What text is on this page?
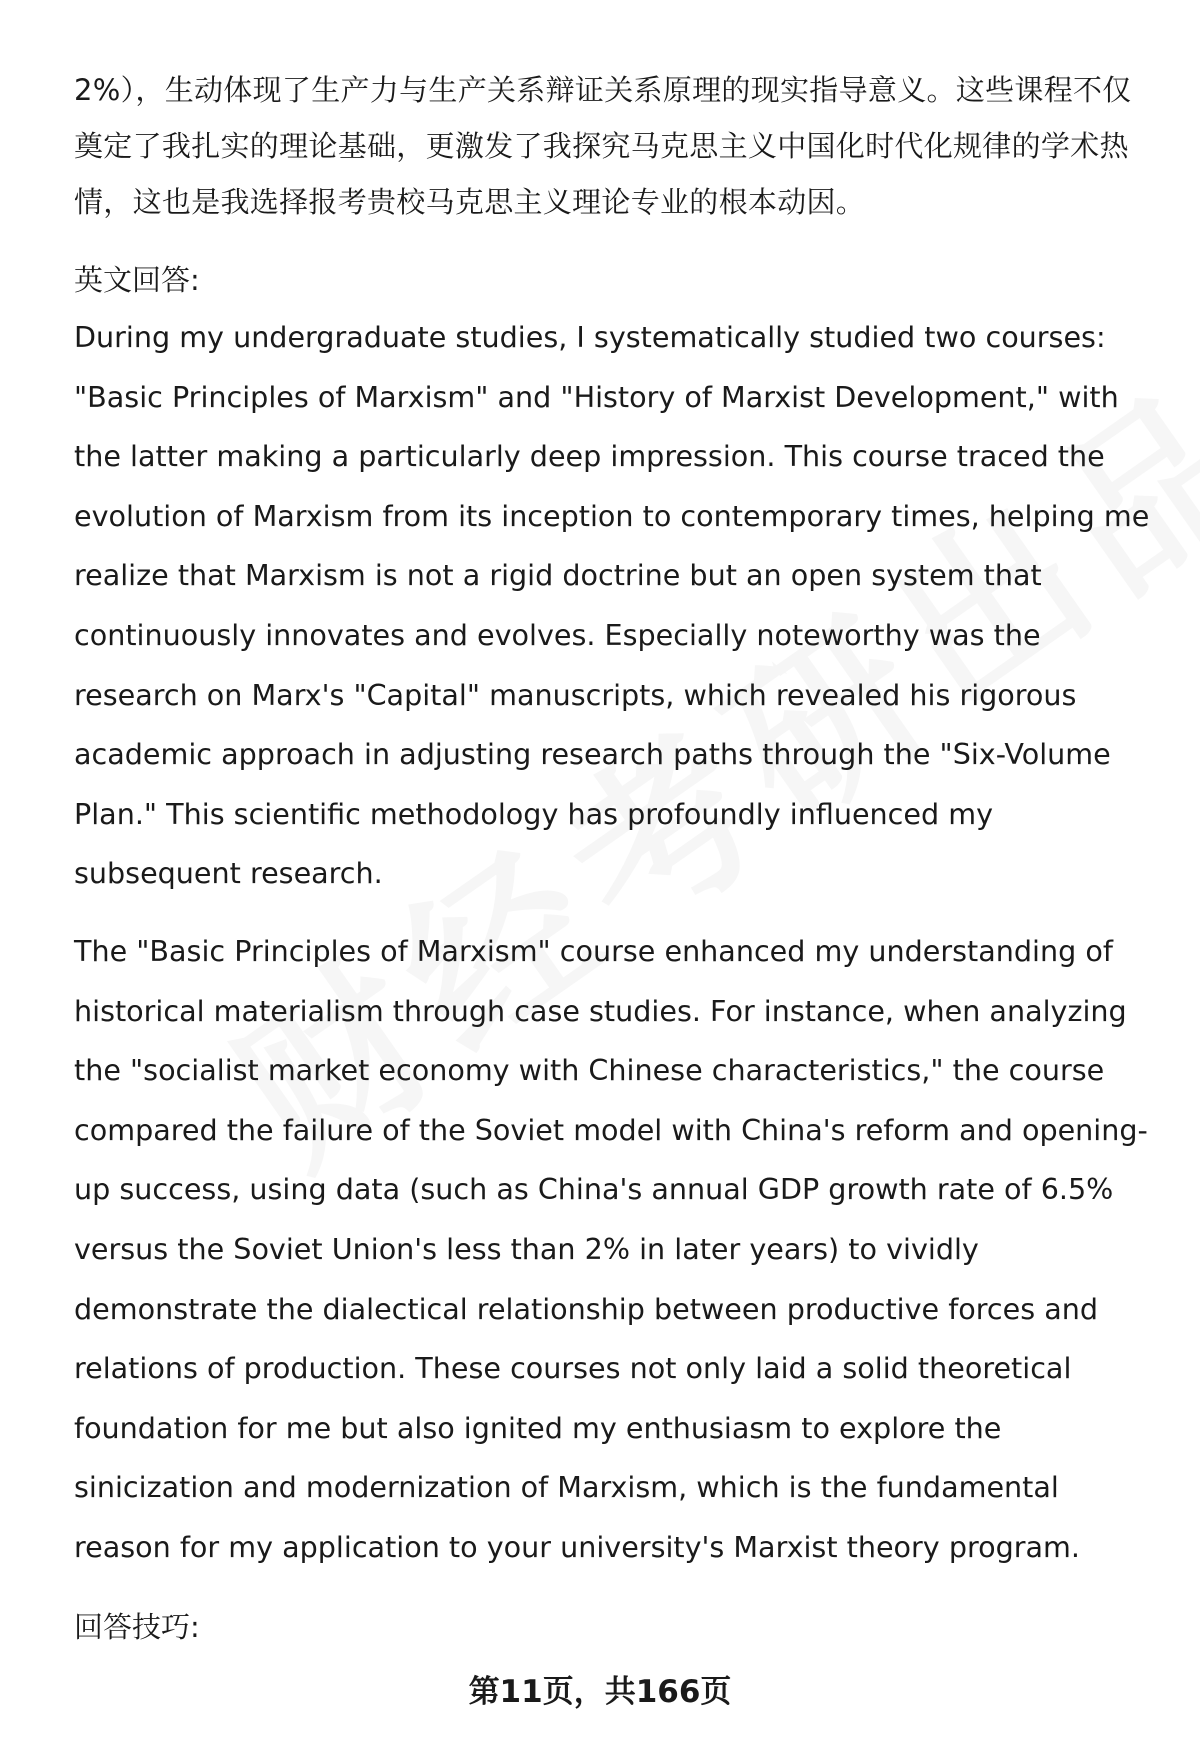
2%），生动体现了生产力与生产关系辩证关系原理的现实指导意义。这些课程不仅奠定了我扎实的理论基础，更激发了我探究马克思主义中国化时代化规律的学术热情，这也是我选择报考贵校马克思主义理论专业的根本动因。

英文回答:

During my undergraduate studies, I systematically studied two courses: "Basic Principles of Marxism" and "History of Marxist Development," with the latter making a particularly deep impression. This course traced the evolution of Marxism from its inception to contemporary times, helping me realize that Marxism is not a rigid doctrine but an open system that continuously innovates and evolves. Especially noteworthy was the research on Marx's "Capital" manuscripts, which revealed his rigorous academic approach in adjusting research paths through the "Six-Volume Plan." This scientific methodology has profoundly influenced my subsequent research.

The "Basic Principles of Marxism" course enhanced my understanding of historical materialism through case studies. For instance, when analyzing the "socialist market economy with Chinese characteristics," the course compared the failure of the Soviet model with China's reform and opening-up success, using data (such as China's annual GDP growth rate of 6.5% versus the Soviet Union's less than 2% in later years) to vividly demonstrate the dialectical relationship between productive forces and relations of production. These courses not only laid a solid theoretical foundation for me but also ignited my enthusiasm to explore the sinicization and modernization of Marxism, which is the fundamental reason for my application to your university's Marxist theory program.

回答技巧:

第11页，共166页
